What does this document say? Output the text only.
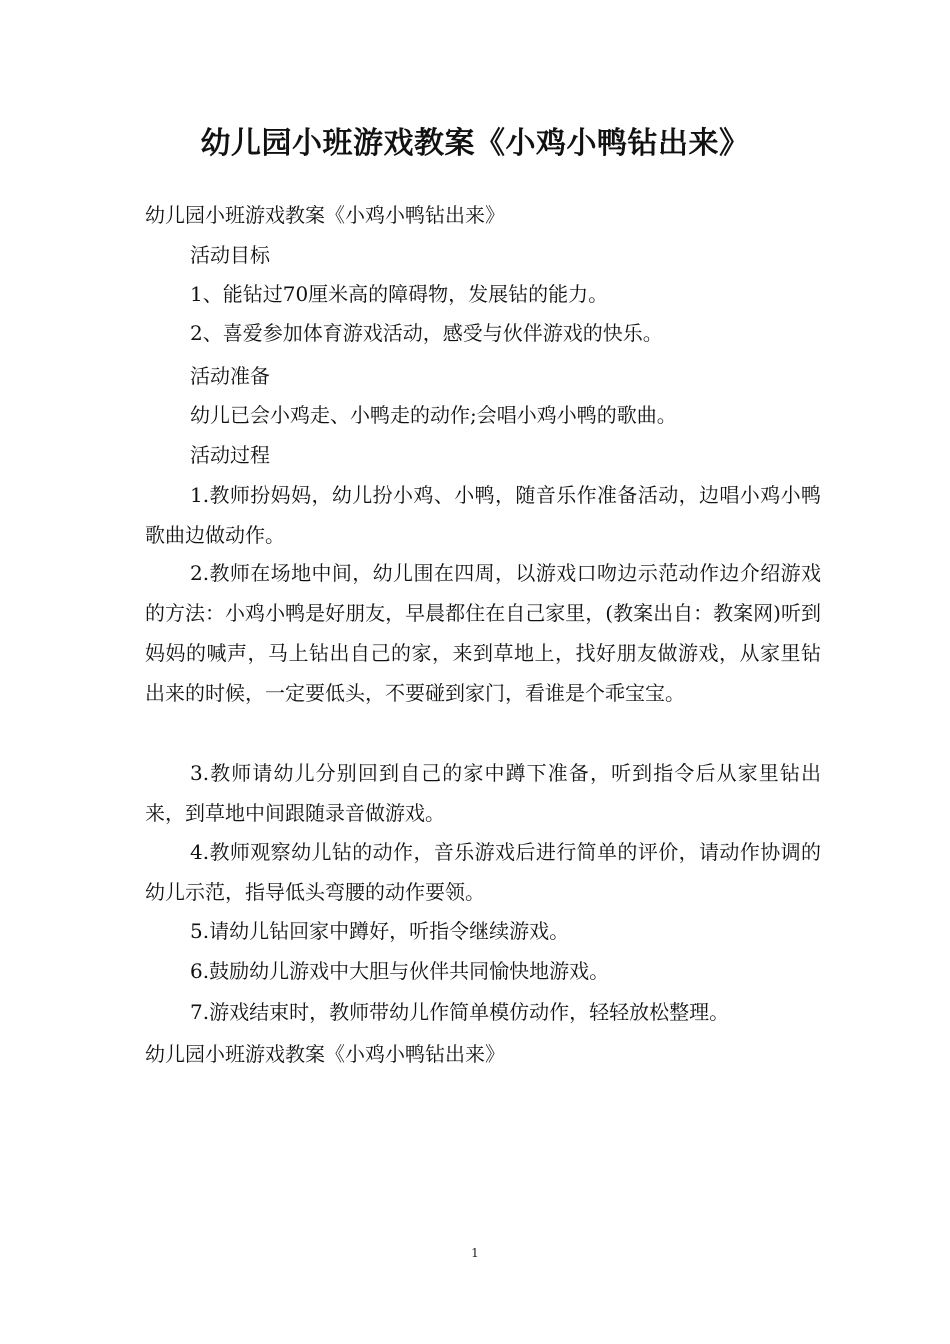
幼儿园小班游戏教案《小鸡小鸭钻出来》
幼儿园小班游戏教案《小鸡小鸭钻出来》
活动目标
1、能钻过70厘米高的障碍物，发展钻的能力。
2、喜爱参加体育游戏活动，感受与伙伴游戏的快乐。
活动准备
幼儿已会小鸡走、小鸭走的动作;会唱小鸡小鸭的歌曲。
活动过程
1.教师扮妈妈，幼儿扮小鸡、小鸭，随音乐作准备活动，边唱小鸡小鸭歌曲边做动作。
2.教师在场地中间，幼儿围在四周，以游戏口吻边示范动作边介绍游戏的方法：小鸡小鸭是好朋友，早晨都住在自己家里，(教案出自：教案网)听到妈妈的喊声，马上钻出自己的家，来到草地上，找好朋友做游戏，从家里钻出来的时候，一定要低头，不要碰到家门，看谁是个乖宝宝。
3.教师请幼儿分别回到自己的家中蹲下准备，听到指令后从家里钻出来，到草地中间跟随录音做游戏。
4.教师观察幼儿钻的动作，音乐游戏后进行简单的评价，请动作协调的幼儿示范，指导低头弯腰的动作要领。
5.请幼儿钻回家中蹲好，听指令继续游戏。
6.鼓励幼儿游戏中大胆与伙伴共同愉快地游戏。
7.游戏结束时，教师带幼儿作简单模仿动作，轻轻放松整理。
幼儿园小班游戏教案《小鸡小鸭钻出来》
1
